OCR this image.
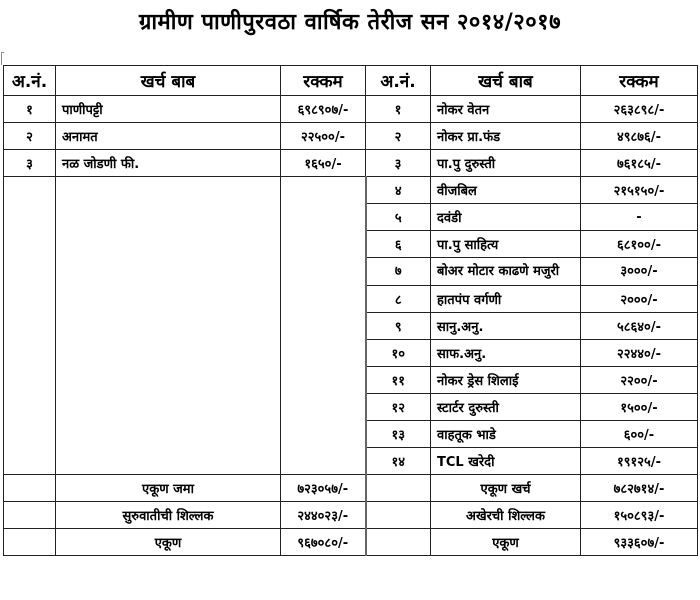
ग्रामीण पाणीपुरवठा वार्षिक तेरीज सन २०१४/२०१७
अ.नं.	खर्च बाब	रक्कम	अ.नं.	खर्च बाब	रक्कम
१	पाणीपट्टी	६९८९०७/-	१	नोकर वेतन	२६३८९८/-
२	अनामत	२२५००/-	२	नोकर प्रा.फंड	४९८७६/-
३	नळ जोडणी फी.	१६५०/-	३	पा.पु दुरुस्ती	७६१८५/-
			४	वीजबिल	२१५१५०/-
			५	दवंडी	-
			६	पा.पु साहित्य	६८१००/-
			७	बोअर मोटार काढणे मजुरी	३०००/-
			८	हातपंप वर्गणी	२०००/-
			९	सानु.अनु.	५८६४०/-
			१०	साफ.अनु.	२२४४०/-
			११	नोकर ड्रेस शिलाई	२२००/-
			१२	स्टार्टर दुरुस्ती	१५००/-
			१३	वाहतूक भाडे	६००/-
			१४	TCL खरेदी	१९१२५/-
	एकूण जमा	७२३०५७/-		एकूण खर्च	७८२७१४/-
	सुरुवातीची शिल्लक	२४४०२३/-		अखेरची शिल्लक	१५०८९३/-
	एकूण	९६७०८०/-		एकूण	९३३६०७/-
